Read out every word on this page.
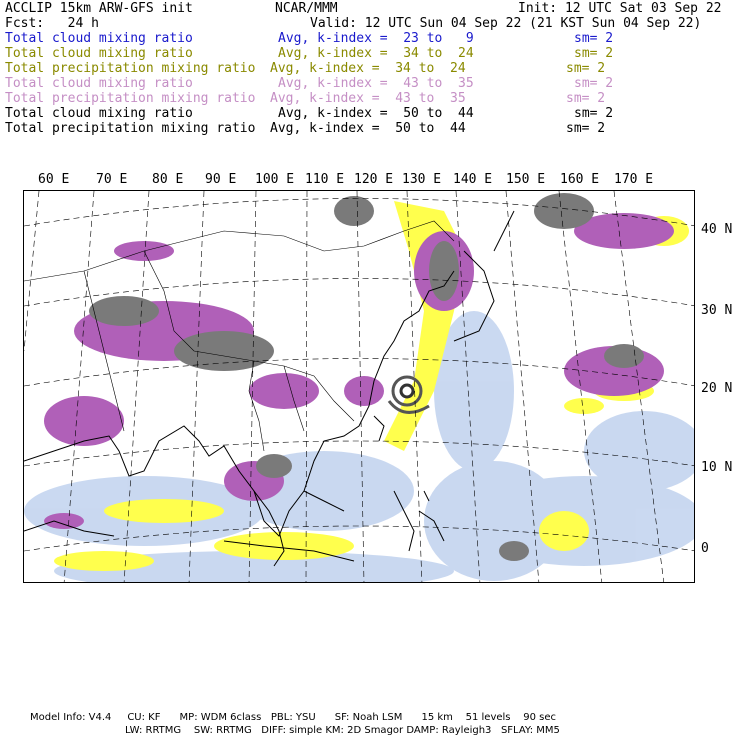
ACCLIP 15km ARW-GFS init	NCAR/MMM	Init: 12 UTC Sat 03 Sep 22
Fcst:   24 h	Valid: 12 UTC Sun 04 Sep 22 (21 KST Sun 04 Sep 22)
Total cloud mixing ratio	Avg, k-index =  23 to   9	sm= 2
Total cloud mixing ratio	Avg, k-index =  34 to  24	sm= 2
Total precipitation mixing ratio Avg, k-index =  34 to  24	sm= 2
Total cloud mixing ratio	Avg, k-index =  43 to  35	sm= 2
Total precipitation mixing ratio Avg, k-index =  43 to  35	sm= 2
Total cloud mixing ratio	Avg, k-index =  50 to  44	sm= 2
Total precipitation mixing ratio Avg, k-index =  50 to  44	sm= 2
60 E 70 E 80 E 90 E 100 E 110 E 120 E 130 E 140 E 150 E 160 E 170 E
40 N
30 N
20 N
10 N
0
Model Info: V4.4     CU: KF      MP: WDM 6class   PBL: YSU      SF: Noah LSM      15 km    51 levels    90 sec
LW: RRTMG    SW: RRTMG   DIFF: simple KM: 2D Smagor DAMP: Rayleigh3   SFLAY: MM5
